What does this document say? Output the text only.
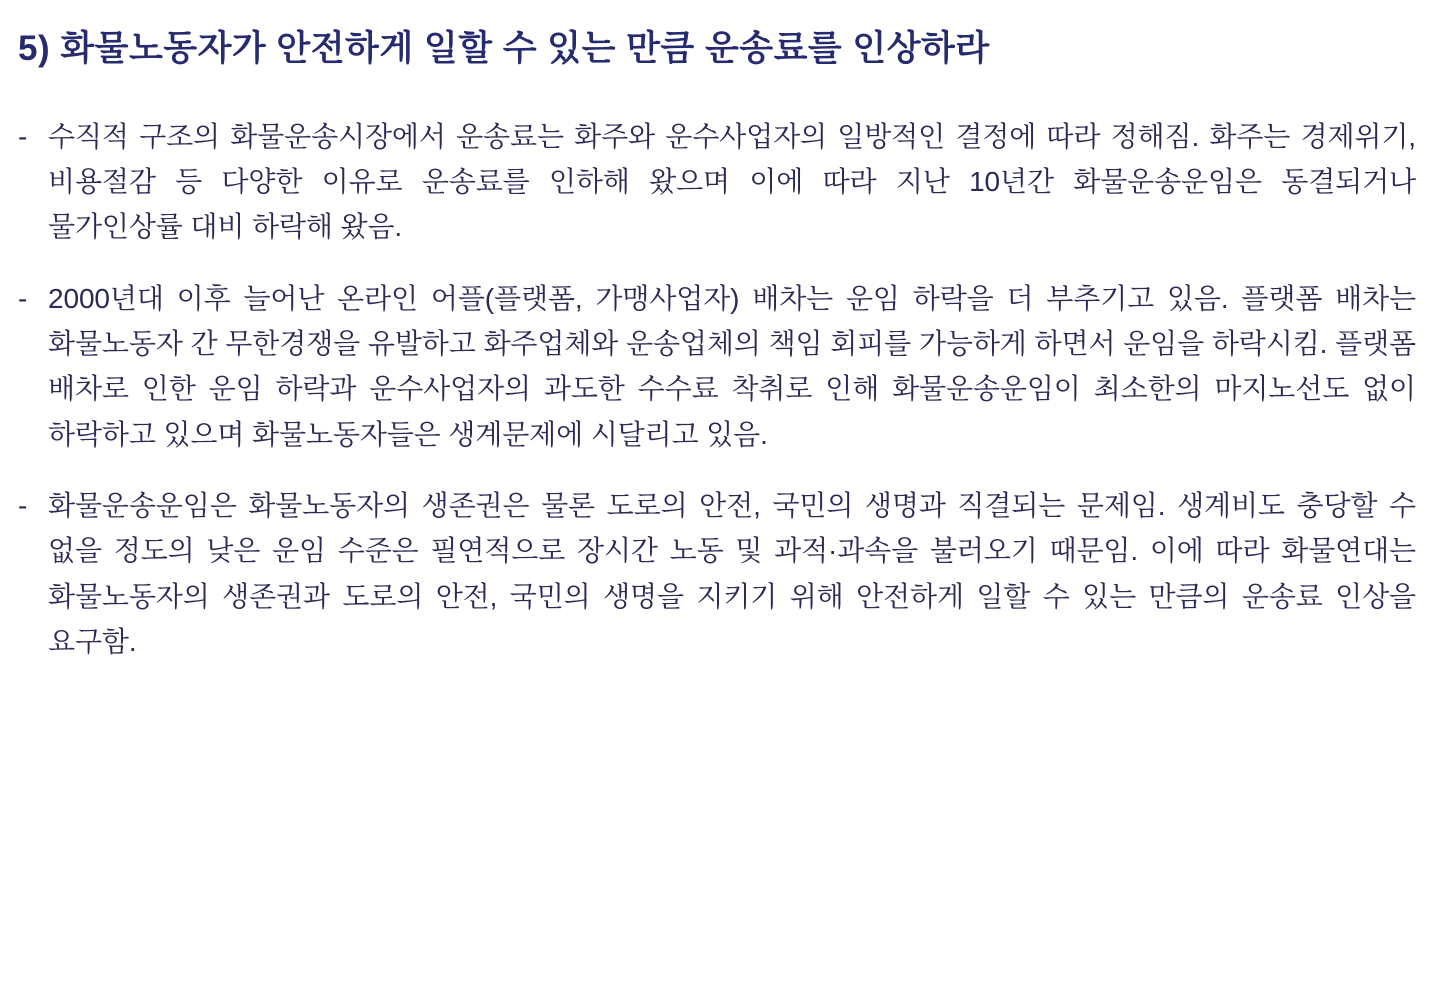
5) 화물노동자가 안전하게 일할 수 있는 만큼 운송료를 인상하라
- 수직적 구조의 화물운송시장에서 운송료는 화주와 운수사업자의 일방적인 결정에 따라 정해짐. 화주는 경제위기, 비용절감 등 다양한 이유로 운송료를 인하해 왔으며 이에 따라 지난 10년간 화물운송운임은 동결되거나 물가인상률 대비 하락해 왔음.
- 2000년대 이후 늘어난 온라인 어플(플랫폼, 가맹사업자) 배차는 운임 하락을 더 부추기고 있음. 플랫폼 배차는 화물노동자 간 무한경쟁을 유발하고 화주업체와 운송업체의 책임 회피를 가능하게 하면서 운임을 하락시킴. 플랫폼 배차로 인한 운임 하락과 운수사업자의 과도한 수수료 착취로 인해 화물운송운임이 최소한의 마지노선도 없이 하락하고 있으며 화물노동자들은 생계문제에 시달리고 있음.
- 화물운송운임은 화물노동자의 생존권은 물론 도로의 안전, 국민의 생명과 직결되는 문제임. 생계비도 충당할 수 없을 정도의 낮은 운임 수준은 필연적으로 장시간 노동 및 과적·과속을 불러오기 때문임. 이에 따라 화물연대는 화물노동자의 생존권과 도로의 안전, 국민의 생명을 지키기 위해 안전하게 일할 수 있는 만큼의 운송료 인상을 요구함.
